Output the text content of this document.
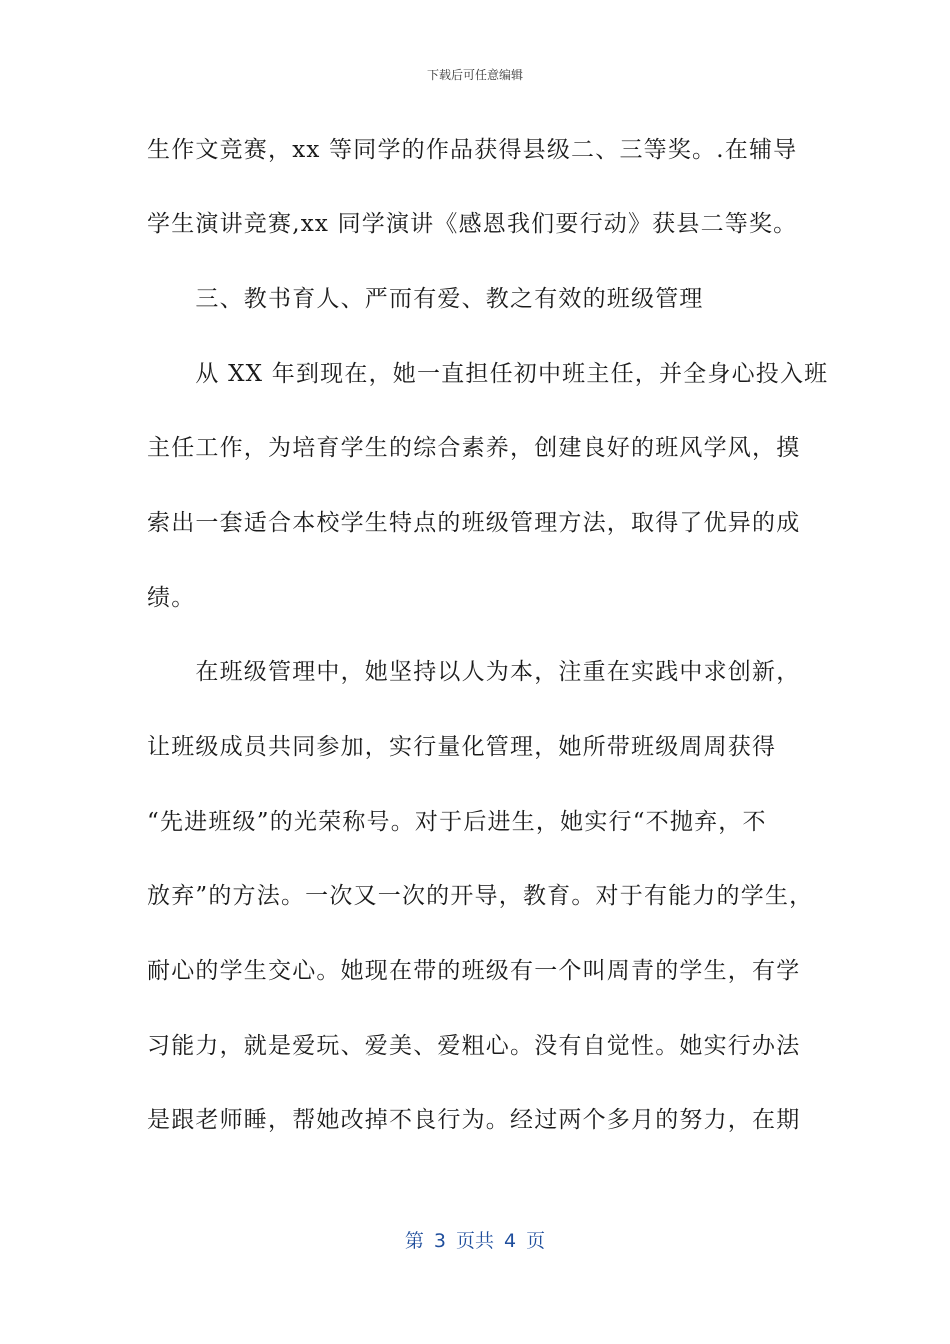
下载后可任意编辑
生作文竞赛，xx 等同学的作品获得县级二、三等奖。.在辅导
学生演讲竞赛,xx 同学演讲《感恩我们要行动》获县二等奖。
　　三、教书育人、严而有爱、教之有效的班级管理
　　从 XX 年到现在，她一直担任初中班主任，并全身心投入班
主任工作，为培育学生的综合素养，创建良好的班风学风，摸
索出一套适合本校学生特点的班级管理方法，取得了优异的成
绩。
　　在班级管理中，她坚持以人为本，注重在实践中求创新，
让班级成员共同参加，实行量化管理，她所带班级周周获得
“先进班级”的光荣称号。对于后进生，她实行“不抛弃，不
放弃”的方法。一次又一次的开导，教育。对于有能力的学生，
耐心的学生交心。她现在带的班级有一个叫周青的学生，有学
习能力，就是爱玩、爱美、爱粗心。没有自觉性。她实行办法
是跟老师睡，帮她改掉不良行为。经过两个多月的努力，在期
第 3 页共 4 页
